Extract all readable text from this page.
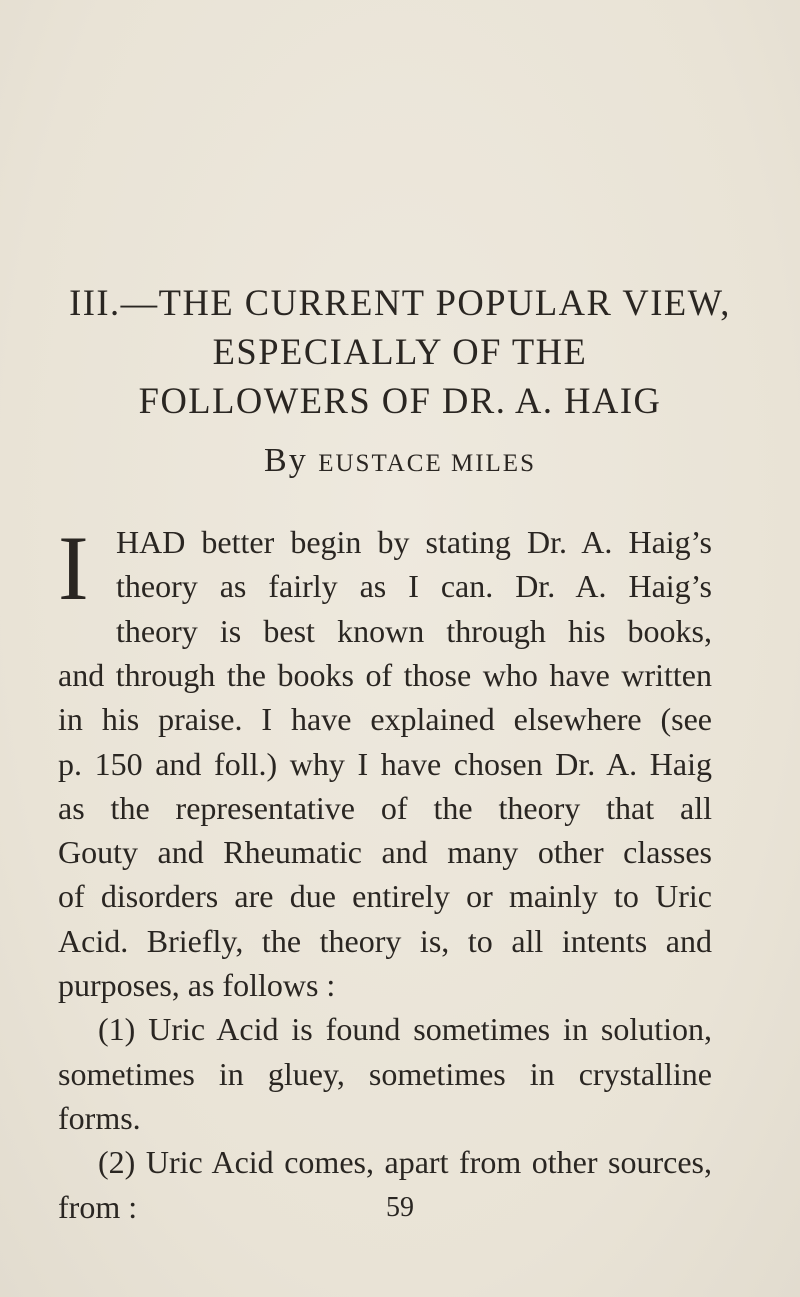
III.—THE CURRENT POPULAR VIEW,
ESPECIALLY OF THE
FOLLOWERS OF DR. A. HAIG

By EUSTACE MILES

I HAD better begin by stating Dr. A. Haig’s
theory as fairly as I can. Dr. A. Haig’s
theory is best known through his books,
and through the books of those who have written
in his praise. I have explained elsewhere (see
p. 150 and foll.) why I have chosen Dr. A. Haig
as the representative of the theory that all
Gouty and Rheumatic and many other classes
of disorders are due entirely or mainly to Uric
Acid. Briefly, the theory is, to all intents and
purposes, as follows :
(1) Uric Acid is found sometimes in solution,
sometimes in gluey, sometimes in crystalline
forms.
(2) Uric Acid comes, apart from other sources,
from :	59
